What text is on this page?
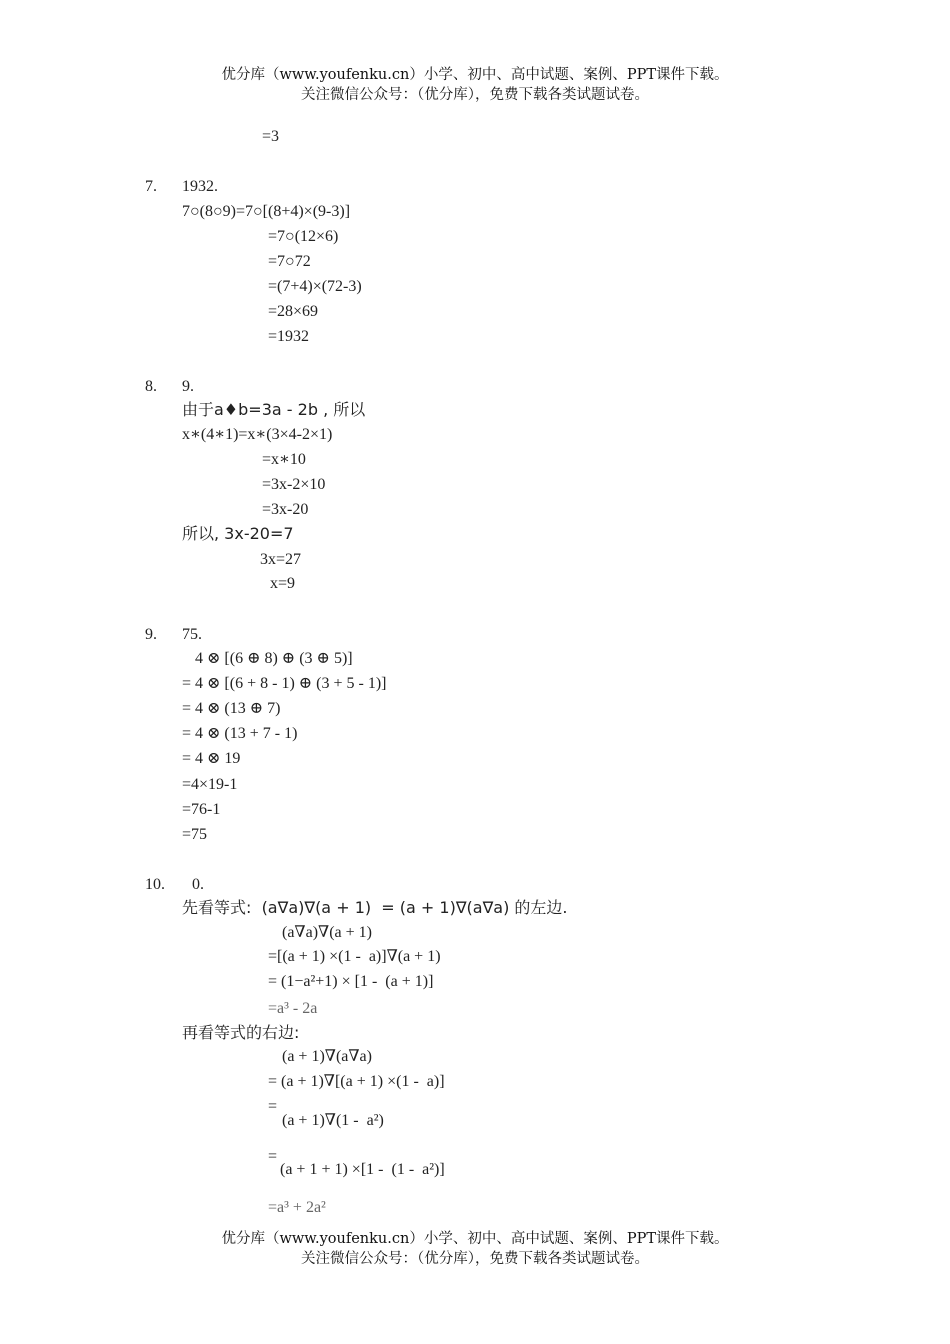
优分库（www.youfenku.cn）小学、初中、高中试题、案例、PPT课件下载。
关注微信公众号：（优分库），免费下载各类试题试卷。
=3
7. 1932.
7○(8○9)=7○[(8+4)×(9-3)]
=7○(12×6)
=7○72
=(7+4)×(72-3)
=28×69
=1932
8. 9.
由于a♦b=3a - 2b , 所以
x∗(4∗1)=x∗(3×4-2×1)
=x∗10
=3x-2×10
=3x-20
所以, 3x-20=7
3x=27
x=9
9. 75.
4 ⊗ [(6 ⊕ 8) ⊕ (3 ⊕ 5)]
= 4 ⊗ [(6 + 8 - 1) ⊕ (3 + 5 - 1)]
= 4 ⊗ (13 ⊕ 7)
= 4 ⊗ (13 + 7 - 1)
= 4 ⊗ 19
=4×19-1
=76-1
=75
10. 0.
先看等式:  (a∇a)∇(a + 1)  = (a + 1)∇(a∇a) 的左边.
(a∇a)∇(a + 1)
=[(a + 1) ×(1 -  a)]∇(a + 1)
= (1−a²+1) × [1 -  (a + 1)]
=a³ - 2a
再看等式的右边:
(a + 1)∇(a∇a)
= (a + 1)∇[(a + 1) ×(1 -  a)]
=
(a + 1)∇(1 -  a²)
=
(a + 1 + 1) ×[1 -  (1 -  a²)]
=a³ + 2a²
优分库（www.youfenku.cn）小学、初中、高中试题、案例、PPT课件下载。
关注微信公众号：（优分库），免费下载各类试题试卷。
